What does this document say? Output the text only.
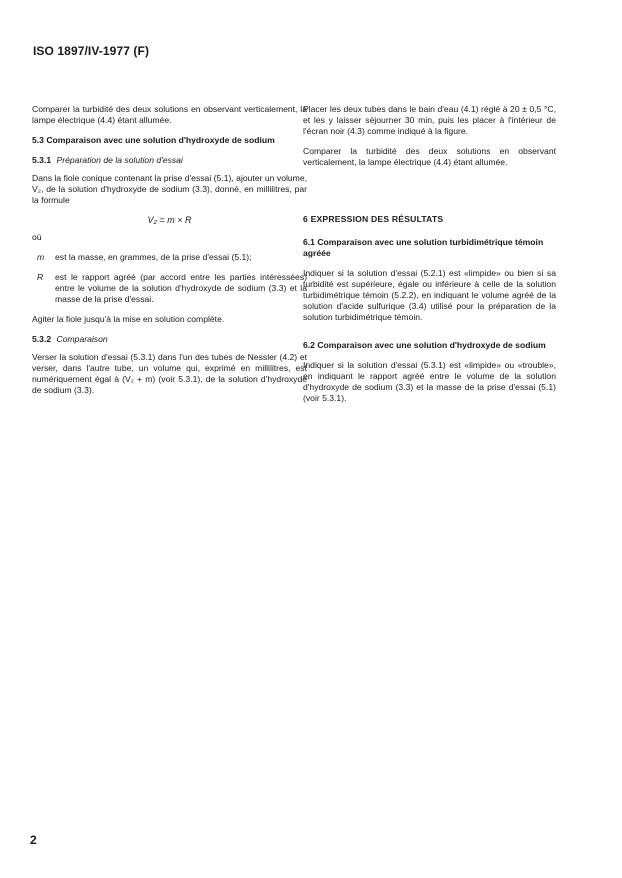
ISO 1897/IV-1977 (F)

Comparer la turbidité des deux solutions en observant verticalement, la lampe électrique (4.4) étant allumée.

5.3 Comparaison avec une solution d'hydroxyde de sodium

5.3.1 Préparation de la solution d'essai

Dans la fiole conique contenant la prise d'essai (5.1), ajouter un volume, V₂, de la solution d'hydroxyde de sodium (3.3), donné, en millilitres, par la formule

V₂ = m × R

où

m	est la masse, en grammes, de la prise d'essai (5.1);
R	est le rapport agréé (par accord entre les parties intéressées) entre le volume de la solution d'hydroxyde de sodium (3.3) et la masse de la prise d'essai.

Agiter la fiole jusqu'à la mise en solution complète.

5.3.2 Comparaison

Verser la solution d'essai (5.3.1) dans l'un des tubes de Nessler (4.2) et verser, dans l'autre tube, un volume qui, exprimé en millilitres, est numériquement égal à (V₂ + m) (voir 5.3.1), de la solution d'hydroxyde de sodium (3.3).

Placer les deux tubes dans le bain d'eau (4.1) réglé à 20 ± 0,5 °C, et les y laisser séjourner 30 min, puis les placer à l'intérieur de l'écran noir (4.3) comme indiqué à la figure.

Comparer la turbidité des deux solutions en observant verticalement, la lampe électrique (4.4) étant allumée.

6 EXPRESSION DES RÉSULTATS

6.1 Comparaison avec une solution turbidimétrique témoin agréée

Indiquer si la solution d'essai (5.2.1) est «limpide» ou bien si sa turbidité est supérieure, égale ou inférieure à celle de la solution turbidimétrique témoin (5.2.2), en indiquant le volume agréé de la solution d'acide sulfurique (3.4) utilisé pour la préparation de la solution turbidimétrique témoin.

6.2 Comparaison avec une solution d'hydroxyde de sodium

Indiquer si la solution d'essai (5.3.1) est «limpide» ou «trouble», en indiquant le rapport agréé entre le volume de la solution d'hydroxyde de sodium (3.3) et la masse de la prise d'essai (5.1) (voir 5.3.1).

2
